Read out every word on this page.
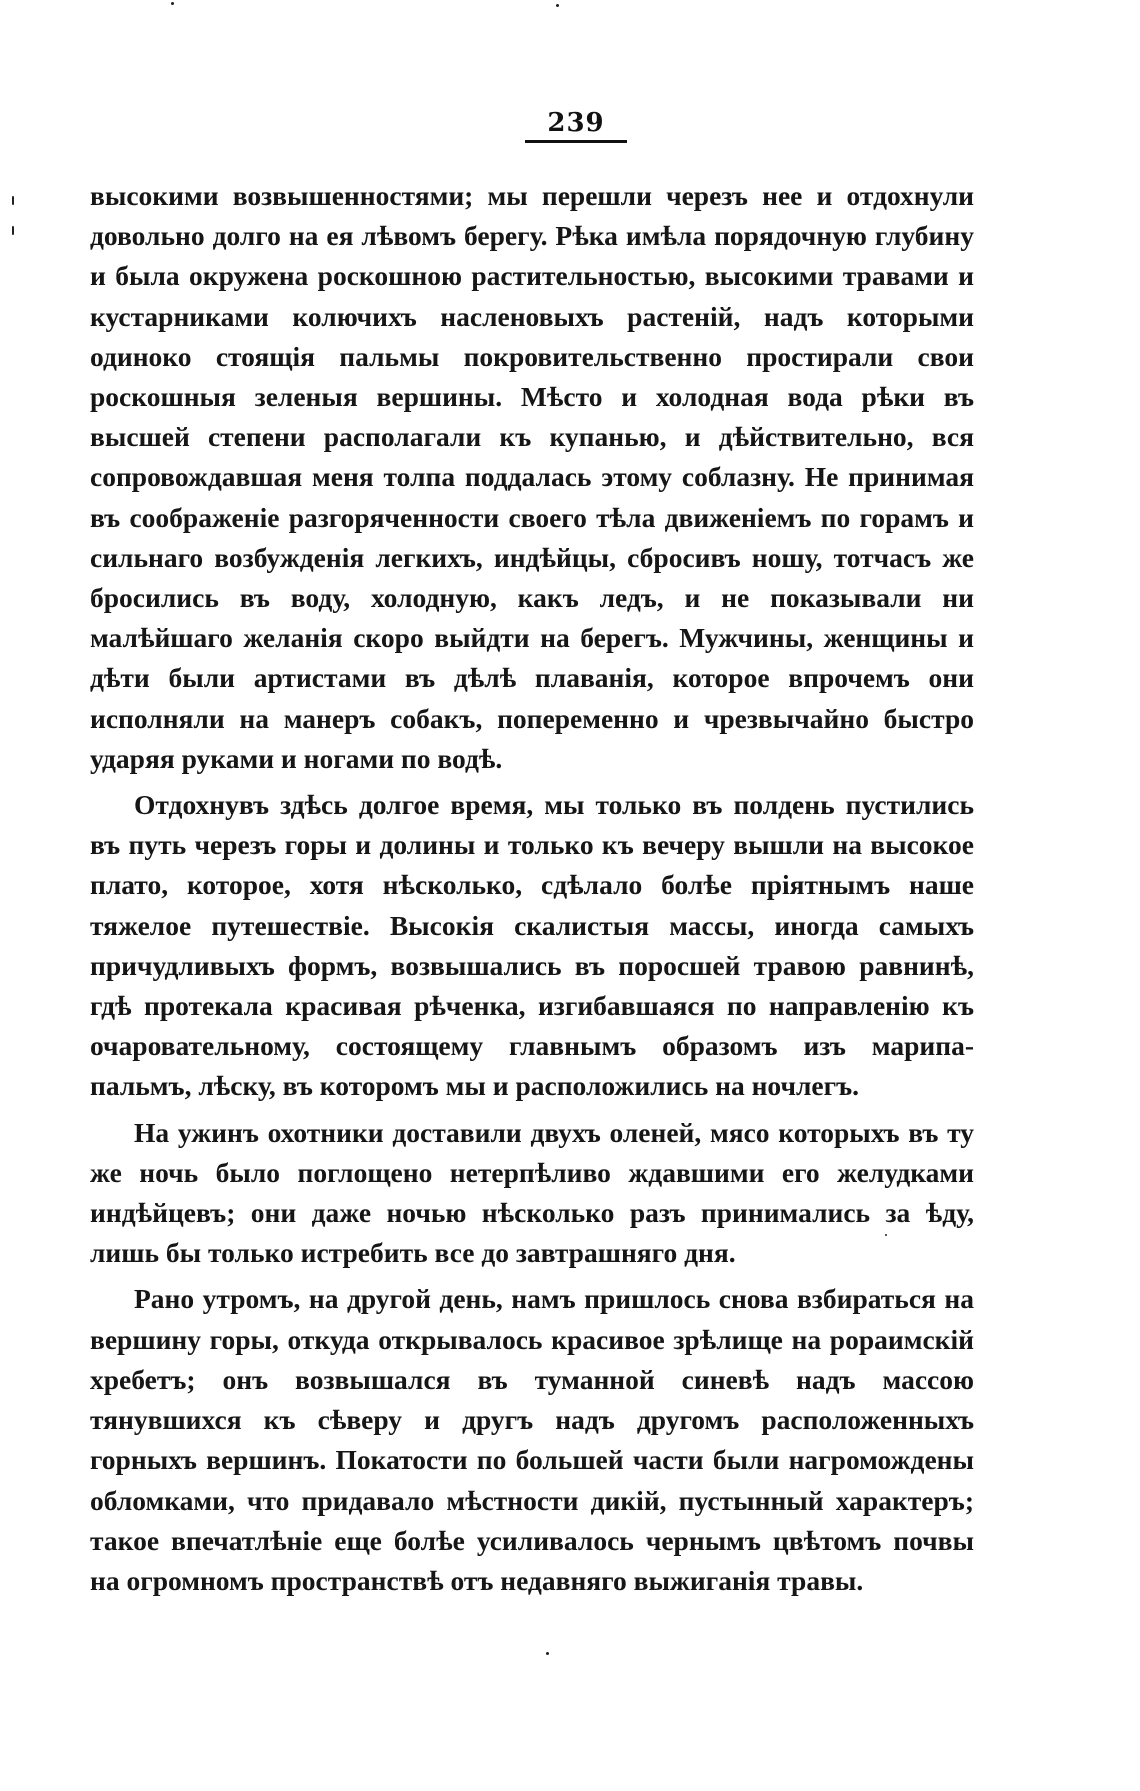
239

высокими возвышенностями; мы перешли черезъ нее и отдохнули довольно долго на ея лѣвомъ берегу. Рѣка имѣла порядочную глубину и была окружена роскошною растительностью, высокими травами и кустарниками колючихъ насленовыхъ растеній, надъ которыми одиноко стоящія пальмы покровительственно простирали свои роскошныя зеленыя вершины. Мѣсто и холодная вода рѣки въ высшей степени располагали къ купанью, и дѣйствительно, вся сопровождавшая меня толпа поддалась этому соблазну. Не принимая въ соображеніе разгоряченности своего тѣла движеніемъ по горамъ и сильнаго возбужденія легкихъ, индѣйцы, сбросивъ ношу, тотчасъ же бросились въ воду, холодную, какъ ледъ, и не показывали ни малѣйшаго желанія скоро выйдти на берегъ. Мужчины, женщины и дѣти были артистами въ дѣлѣ плаванія, которое впрочемъ они исполняли на манеръ собакъ, попеременно и чрезвычайно быстро ударяя руками и ногами по водѣ.

Отдохнувъ здѣсь долгое время, мы только въ полдень пустились въ путь черезъ горы и долины и только къ вечеру вышли на высокое плато, которое, хотя нѣсколько, сдѣлало болѣе пріятнымъ наше тяжелое путешествіе. Высокія скалистыя массы, иногда самыхъ причудливыхъ формъ, возвышались въ поросшей травою равнинѣ, гдѣ протекала красивая рѣченка, изгибавшаяся по направленію къ очаровательному, состоящему главнымъ образомъ изъ марипа-пальмъ, лѣску, въ которомъ мы и расположились на ночлегъ.

На ужинъ охотники доставили двухъ оленей, мясо которыхъ въ ту же ночь было поглощено нетерпѣливо ждавшими его желудками индѣйцевъ; они даже ночью нѣсколько разъ принимались за ѣду, лишь бы только истребить все до завтрашняго дня.

Рано утромъ, на другой день, намъ пришлось снова взбираться на вершину горы, откуда открывалось красивое зрѣлище на рораимскій хребетъ; онъ возвышался въ туманной синевѣ надъ массою тянувшихся къ сѣверу и другъ надъ другомъ расположенныхъ горныхъ вершинъ. Покатости по большей части были нагромождены обломками, что придавало мѣстности дикій, пустынный характеръ; такое впечатлѣніе еще болѣе усиливалось чернымъ цвѣтомъ почвы на огромномъ пространствѣ отъ недавняго выжиганія травы.
